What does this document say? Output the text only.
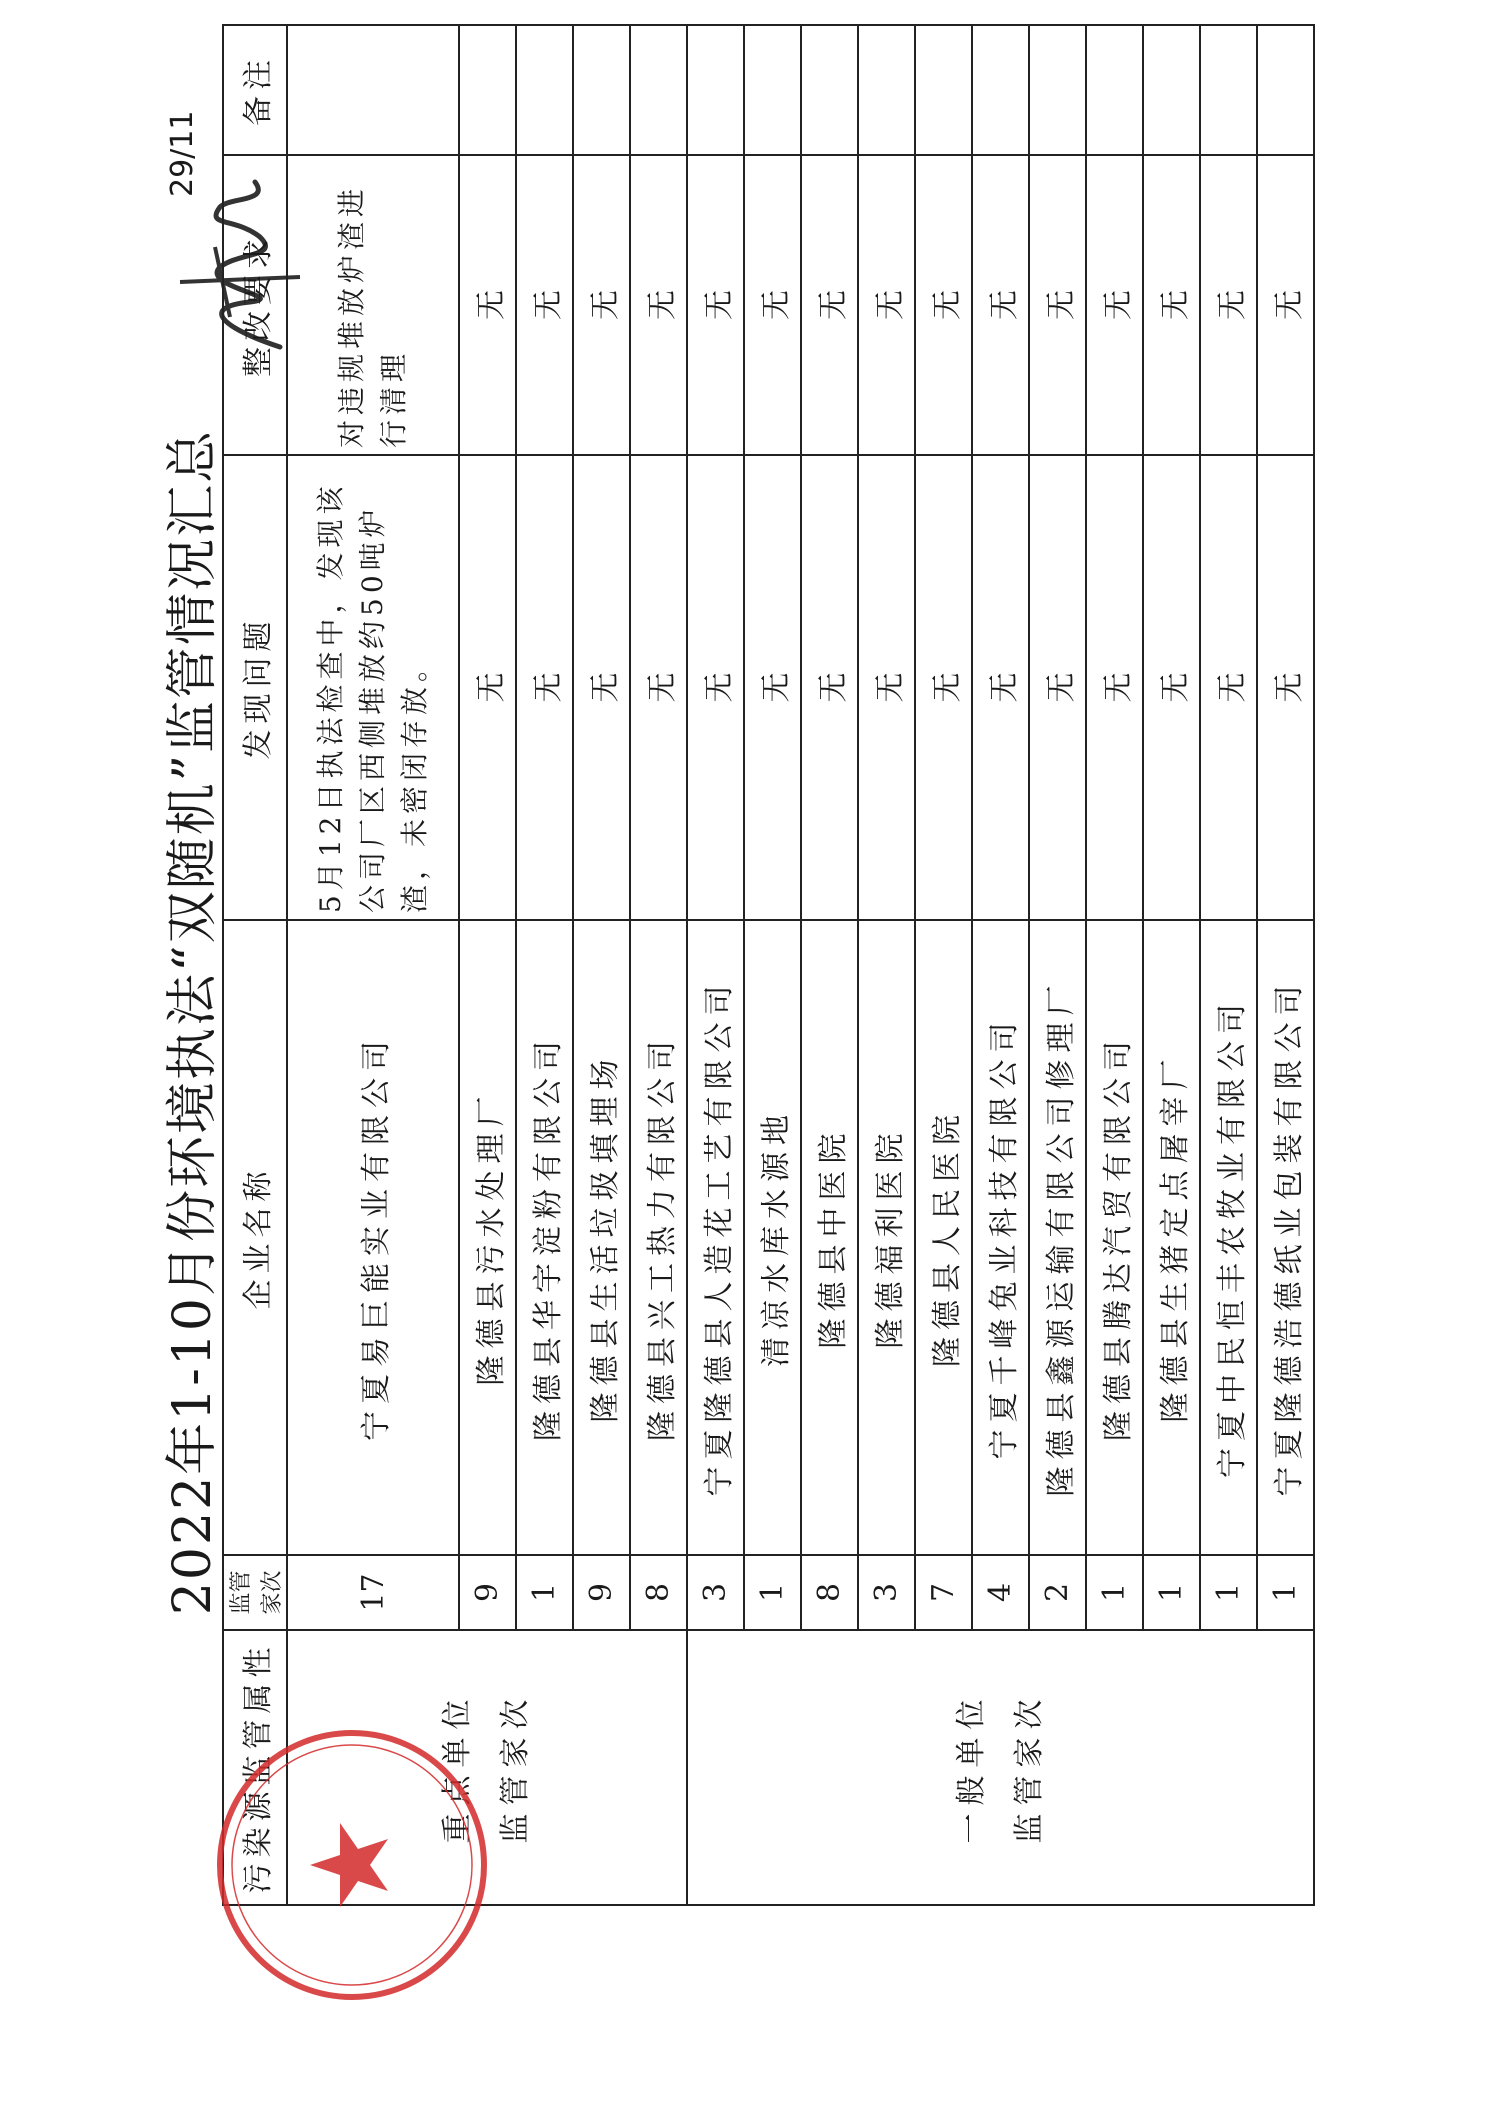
2022年1-10月份环境执法“双随机”监管情况汇总
29/11
污染源监管属性	监管家次	企业名称	发现问题	整改要求	备注

重点单位 监管家次	17	宁夏易巨能实业有限公司	5月12日执法检查中，发现该公司厂区西侧堆放约50吨炉渣，未密闭存放。	对违规堆放炉渣进行清理	
	9	隆德县污水处理厂	无	无	
	1	隆德县华宇淀粉有限公司	无	无	
	9	隆德县生活垃圾填埋场	无	无	
	8	隆德县兴工热力有限公司	无	无	

一般单位 监管家次	3	宁夏隆德县人造花工艺有限公司	无	无	
	1	清凉水库水源地	无	无	
	8	隆德县中医院	无	无	
	3	隆德福利医院	无	无	
	7	隆德县人民医院	无	无	
	4	宁夏千峰兔业科技有限公司	无	无	
	2	隆德县鑫源运输有限公司修理厂	无	无	
	1	隆德县腾达汽贸有限公司	无	无	
	1	隆德县生猪定点屠宰厂	无	无	
	1	宁夏中民恒丰农牧业有限公司	无	无	
	1	宁夏隆德浩德纸业包装有限公司	无	无	
